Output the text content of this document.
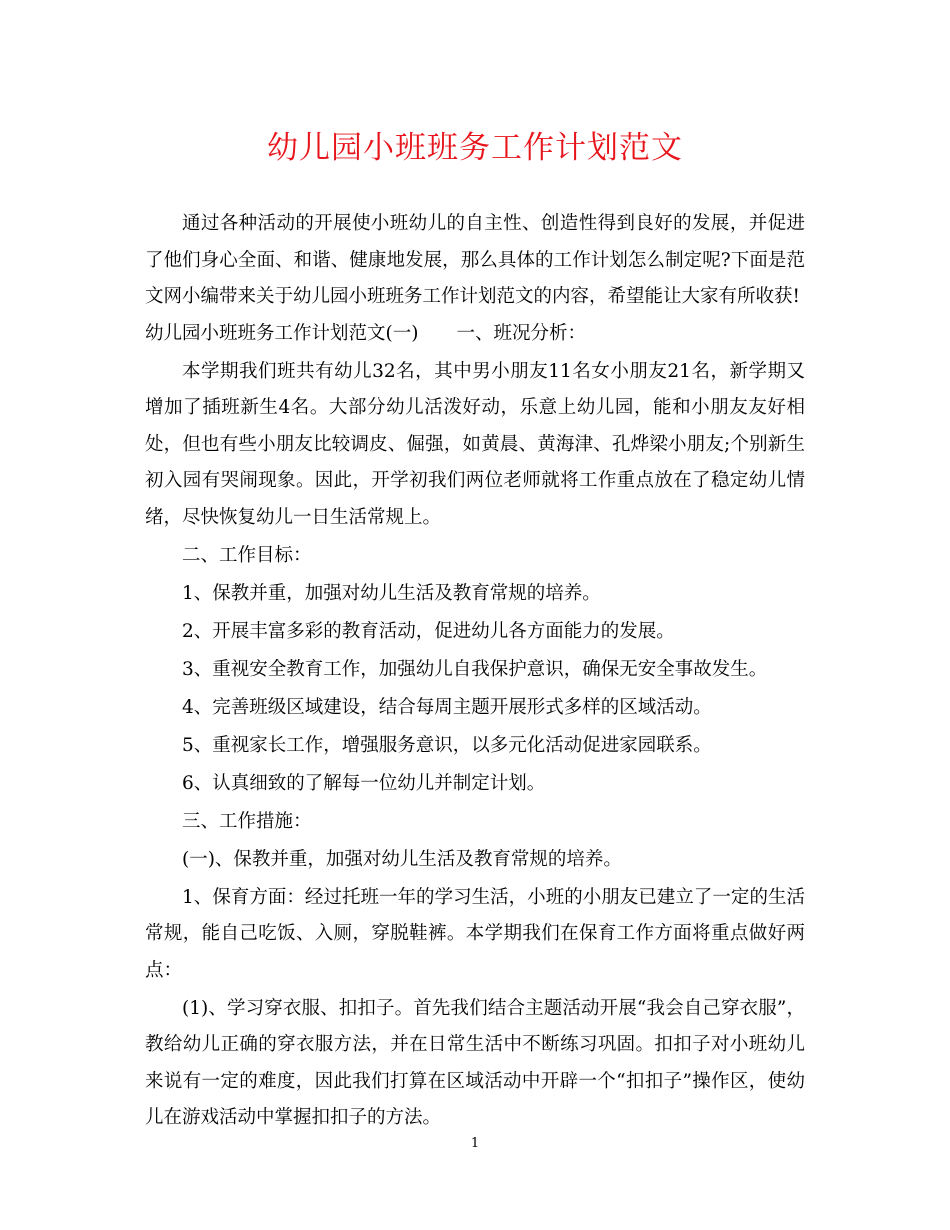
幼儿园小班班务工作计划范文

通过各种活动的开展使小班幼儿的自主性、创造性得到良好的发展，并促进了他们身心全面、和谐、健康地发展，那么具体的工作计划怎么制定呢?下面是范文网小编带来关于幼儿园小班班务工作计划范文的内容，希望能让大家有所收获!

幼儿园小班班务工作计划范文(一) 一、班况分析：

本学期我们班共有幼儿32名，其中男小朋友11名女小朋友21名，新学期又增加了插班新生4名。大部分幼儿活泼好动，乐意上幼儿园，能和小朋友友好相处，但也有些小朋友比较调皮、倔强，如黄晨、黄海津、孔烨梁小朋友;个别新生初入园有哭闹现象。因此，开学初我们两位老师就将工作重点放在了稳定幼儿情绪，尽快恢复幼儿一日生活常规上。

二、工作目标：

1、保教并重，加强对幼儿生活及教育常规的培养。

2、开展丰富多彩的教育活动，促进幼儿各方面能力的发展。

3、重视安全教育工作，加强幼儿自我保护意识，确保无安全事故发生。

4、完善班级区域建设，结合每周主题开展形式多样的区域活动。

5、重视家长工作，增强服务意识，以多元化活动促进家园联系。

6、认真细致的了解每一位幼儿并制定计划。

三、工作措施：

(一)、保教并重，加强对幼儿生活及教育常规的培养。

1、保育方面：经过托班一年的学习生活，小班的小朋友已建立了一定的生活常规，能自己吃饭、入厕，穿脱鞋裤。本学期我们在保育工作方面将重点做好两点：

(1)、学习穿衣服、扣扣子。首先我们结合主题活动开展“我会自己穿衣服”，教给幼儿正确的穿衣服方法，并在日常生活中不断练习巩固。扣扣子对小班幼儿来说有一定的难度，因此我们打算在区域活动中开辟一个“扣扣子”操作区，使幼儿在游戏活动中掌握扣扣子的方法。

1
